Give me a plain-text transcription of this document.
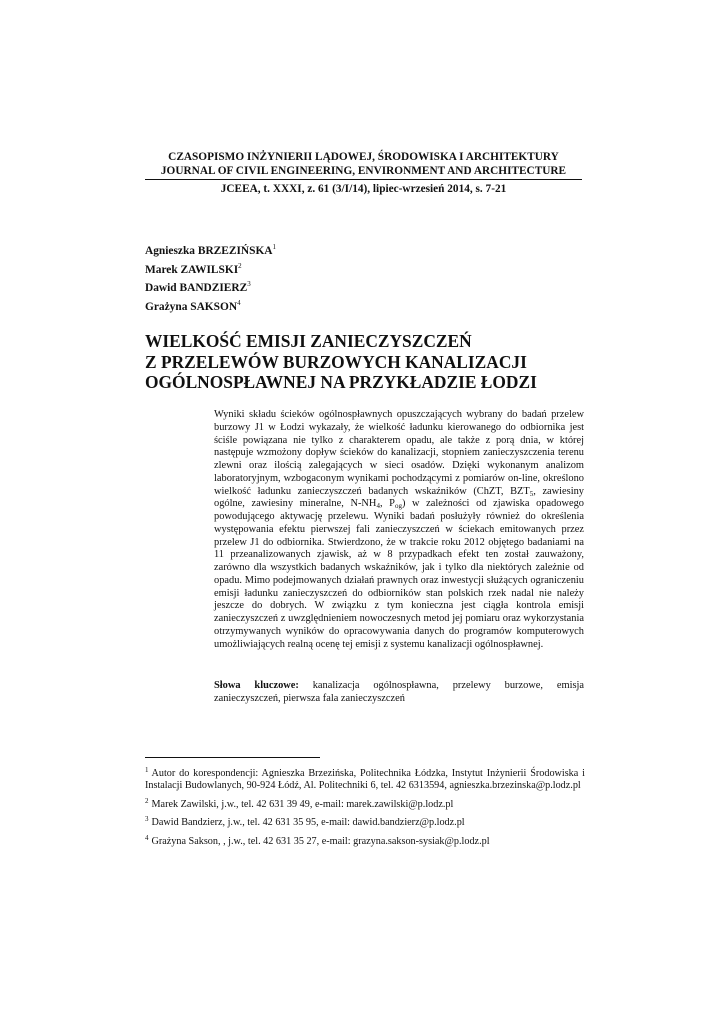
CZASOPISMO INŻYNIERII LĄDOWEJ, ŚRODOWISKA I ARCHITEKTURY
JOURNAL OF CIVIL ENGINEERING, ENVIRONMENT AND ARCHITECTURE
JCEEA, t. XXXI, z. 61 (3/I/14), lipiec-wrzesień 2014, s. 7-21
Agnieszka BRZEZIŃSKA$^1$
Marek ZAWILSKI$^2$
Dawid BANDZIERZ$^3$
Grażyna SAKSON$^4$
WIELKOŚĆ EMISJI ZANIECZYSZCZEŃ
Z PRZELEWÓW BURZOWYCH KANALIZACJI
OGÓLNOSPŁAWNEJ NA PRZYKŁADZIE ŁODZI
Wyniki składu ścieków ogólnospławnych opuszczających wybrany do badań przelew burzowy J1 w Łodzi wykazały, że wielkość ładunku kierowanego do odbiornika jest ściśle powiązana nie tylko z charakterem opadu, ale także z porą dnia, w której następuje wzmożony dopływ ścieków do kanalizacji, stopniem zanieczyszczenia terenu zlewni oraz ilością zalegających w sieci osadów. Dzięki wykonanym analizom laboratoryjnym, wzbogaconym wynikami pochodzącymi z pomiarów on-line, określono wielkość ładunku zanieczyszczeń badanych wskaźników (ChZT, $BZT_5$, zawiesiny ogólne, zawiesiny mineralne, $N-NH_4$, $P_{og}$) w zależności od zjawiska opadowego powodującego aktywację przelewu. Wyniki badań posłużyły również do określenia występowania efektu pierwszej fali zanieczyszczeń w ściekach emitowanych przez przelew J1 do odbiornika. Stwierdzono, że w trakcie roku 2012 objętego badaniami na 11 przeanalizowanych zjawisk, aż w 8 przypadkach efekt ten został zauważony, zarówno dla wszystkich badanych wskaźników, jak i tylko dla niektórych zależnie od opadu. Mimo podejmowanych działań prawnych oraz inwestycji służących ograniczeniu emisji ładunku zanieczyszczeń do odbiorników stan polskich rzek nadal nie należy jeszcze do dobrych. W związku z tym konieczna jest ciągła kontrola emisji zanieczyszczeń z uwzględnieniem nowoczesnych metod jej pomiaru oraz wykorzystania otrzymywanych wyników do opracowywania danych do programów komputerowych umożliwiających realną ocenę tej emisji z systemu kanalizacji ogólnospławnej.
Słowa kluczowe: kanalizacja ogólnospławna, przelewy burzowe, emisja zanieczyszczeń, pierwsza fala zanieczyszczeń

$^1$ Autor do korespondencji: Agnieszka Brzezińska, Politechnika Łódzka, Instytut Inżynierii Środowiska i Instalacji Budowlanych, 90-924 Łódź, Al. Politechniki 6, tel. 42 6313594, agnieszka.brzezinska@p.lodz.pl

$^2$ Marek Zawilski, j.w., tel. 42 631 39 49, e-mail: marek.zawilski@p.lodz.pl

$^3$ Dawid Bandzierz, j.w., tel. 42 631 35 95, e-mail: dawid.bandzierz@p.lodz.pl

$^4$ Grażyna Sakson, , j.w., tel. 42 631 35 27, e-mail: grazyna.sakson-sysiak@p.lodz.pl
